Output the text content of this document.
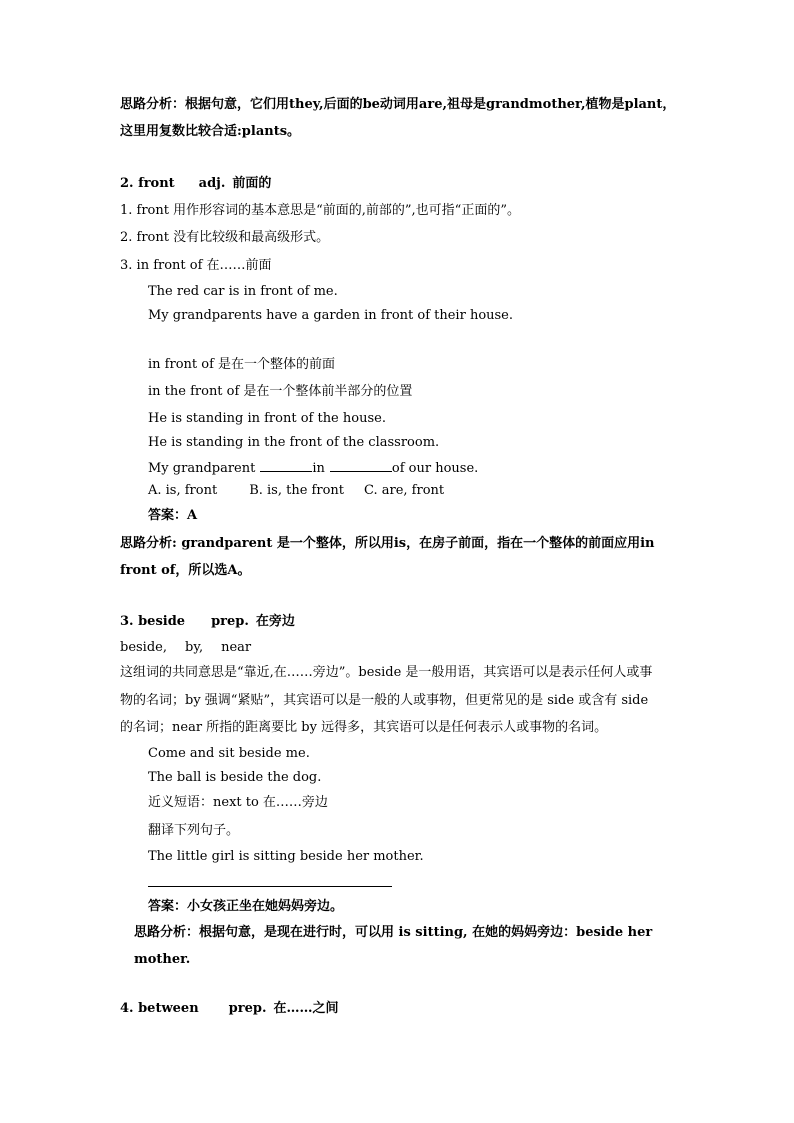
思路分析：根据句意，它们用they,后面的be动词用are,祖母是grandmother,植物是plant，
这里用复数比较合适:plants。
2. front adj. 前面的
1. front 用作形容词的基本意思是“前面的,前部的”,也可指“正面的”。
2. front 没有比较级和最高级形式。
3. in front of 在……前面
The red car is in front of me.
My grandparents have a garden in front of their house.
in front of 是在一个整体的前面
in the front of 是在一个整体前半部分的位置
He is standing in front of the house.
He is standing in the front of the classroom.
My grandparent	in	of our house.
A. is, front B. is, the front C. are, front
答案：A
思路分析: grandparent 是一个整体，所以用is，在房子前面，指在一个整体的前面应用in
front of，所以选A。
3. beside prep. 在旁边
beside, by, near
这组词的共同意思是“靠近,在……旁边”。beside 是一般用语，其宾语可以是表示任何人或事
物的名词；by 强调“紧贴”，其宾语可以是一般的人或事物，但更常见的是 side 或含有 side
的名词；near 所指的距离要比 by 远得多，其宾语可以是任何表示人或事物的名词。
Come and sit beside me.
The ball is beside the dog.
近义短语：next to 在……旁边
翻译下列句子。
The little girl is sitting beside her mother.
答案：小女孩正坐在她妈妈旁边。
思路分析：根据句意，是现在进行时，可以用 is sitting, 在她的妈妈旁边：beside her
mother.
4. between prep. 在……之间
